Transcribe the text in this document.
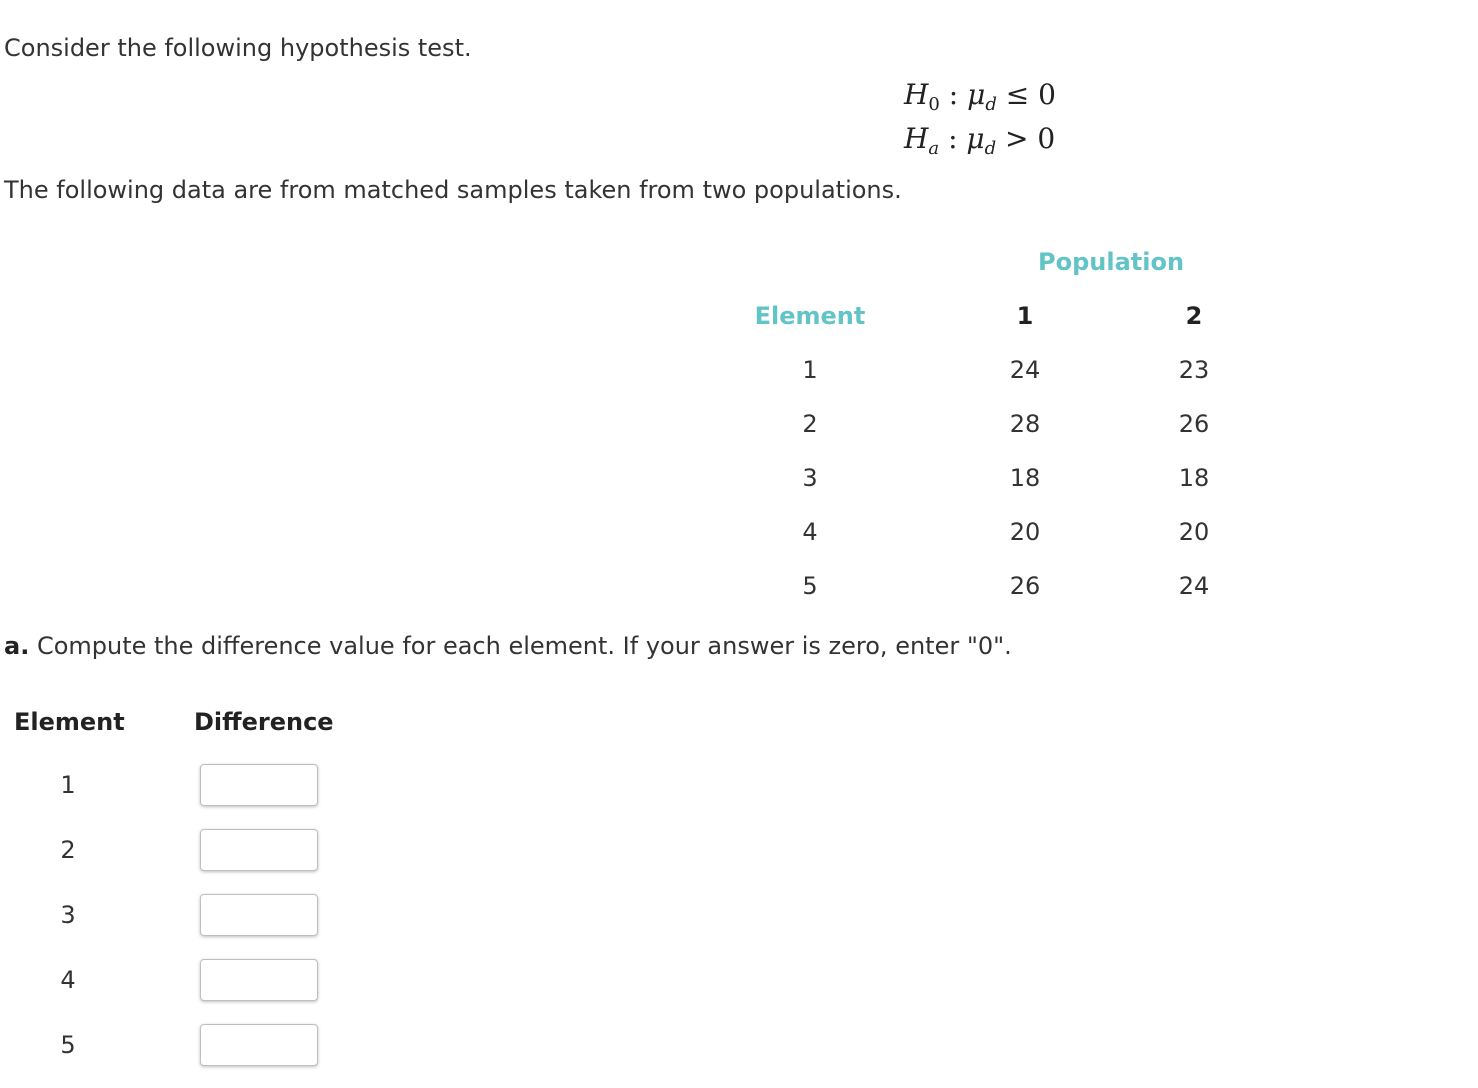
Consider the following hypothesis test.
$H_0$ : $\mu_d \le 0$
$H_a$ : $\mu_d > 0$
The following data are from matched samples taken from two populations.
Population
Element	1	2
1	24	23
2	28	26
3	18	18
4	20	20
5	26	24
a. Compute the difference value for each element. If your answer is zero, enter "0".
Element	Difference
1
2
3
4
5
